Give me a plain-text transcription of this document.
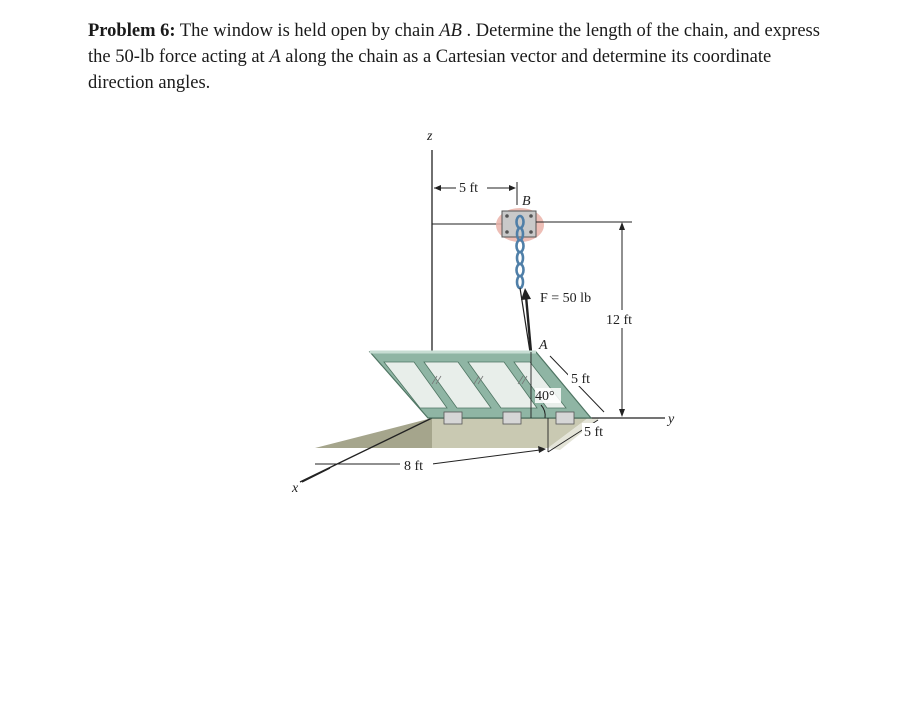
Problem 6: The window is held open by chain AB . Determine the length of the chain, and express the 50-lb force acting at A along the chain as a Cartesian vector and determine its coordinate direction angles.
z
y
x
5 ft
B
F = 50 lb
12 ft
A
5 ft
40°
5 ft
8 ft
